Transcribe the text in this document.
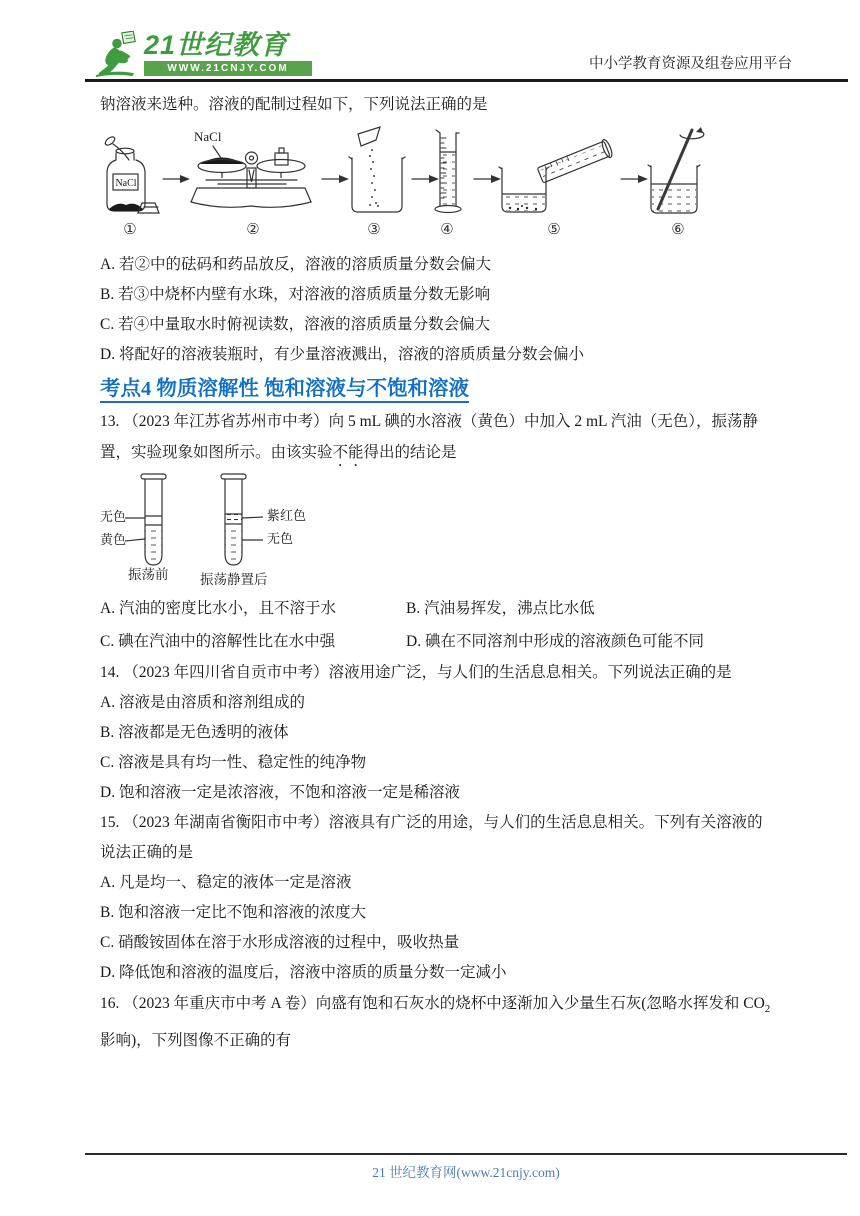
21世纪教育
WWW.21CNJY.COM	中小学教育资源及组卷应用平台

钠溶液来选种。溶液的配制过程如下，下列说法正确的是

NaCl
NaCl
①	②	③	④	⑤	⑥

A. 若②中的砝码和药品放反，溶液的溶质质量分数会偏大

B. 若③中烧杯内壁有水珠，对溶液的溶质质量分数无影响

C. 若④中量取水时俯视读数，溶液的溶质质量分数会偏大

D. 将配好的溶液装瓶时，有少量溶液溅出，溶液的溶质质量分数会偏小

考点4 物质溶解性 饱和溶液与不饱和溶液

13. （2023 年江苏省苏州市中考）向 5 mL 碘的水溶液（黄色）中加入 2 mL 汽油（无色），振荡静

置，实验现象如图所示。由该实验不能得出的结论是

无色
黄色
紫红色
无色
振荡前 振荡静置后
A. 汽油的密度比水小，且不溶于水	B. 汽油易挥发，沸点比水低
C. 碘在汽油中的溶解性比在水中强	D. 碘在不同溶剂中形成的溶液颜色可能不同

14. （2023 年四川省自贡市中考）溶液用途广泛，与人们的生活息息相关。下列说法正确的是

A. 溶液是由溶质和溶剂组成的

B. 溶液都是无色透明的液体

C. 溶液是具有均一性、稳定性的纯净物

D. 饱和溶液一定是浓溶液，不饱和溶液一定是稀溶液

15. （2023 年湖南省衡阳市中考）溶液具有广泛的用途，与人们的生活息息相关。下列有关溶液的

说法正确的是

A. 凡是均一、稳定的液体一定是溶液

B. 饱和溶液一定比不饱和溶液的浓度大

C. 硝酸铵固体在溶于水形成溶液的过程中，吸收热量

D. 降低饱和溶液的温度后，溶液中溶质的质量分数一定减小

16. （2023 年重庆市中考 A 卷）向盛有饱和石灰水的烧杯中逐渐加入少量生石灰(忽略水挥发和 $CO_2$

影响)，下列图像不正确的有

21 世纪教育网(www.21cnjy.com)
